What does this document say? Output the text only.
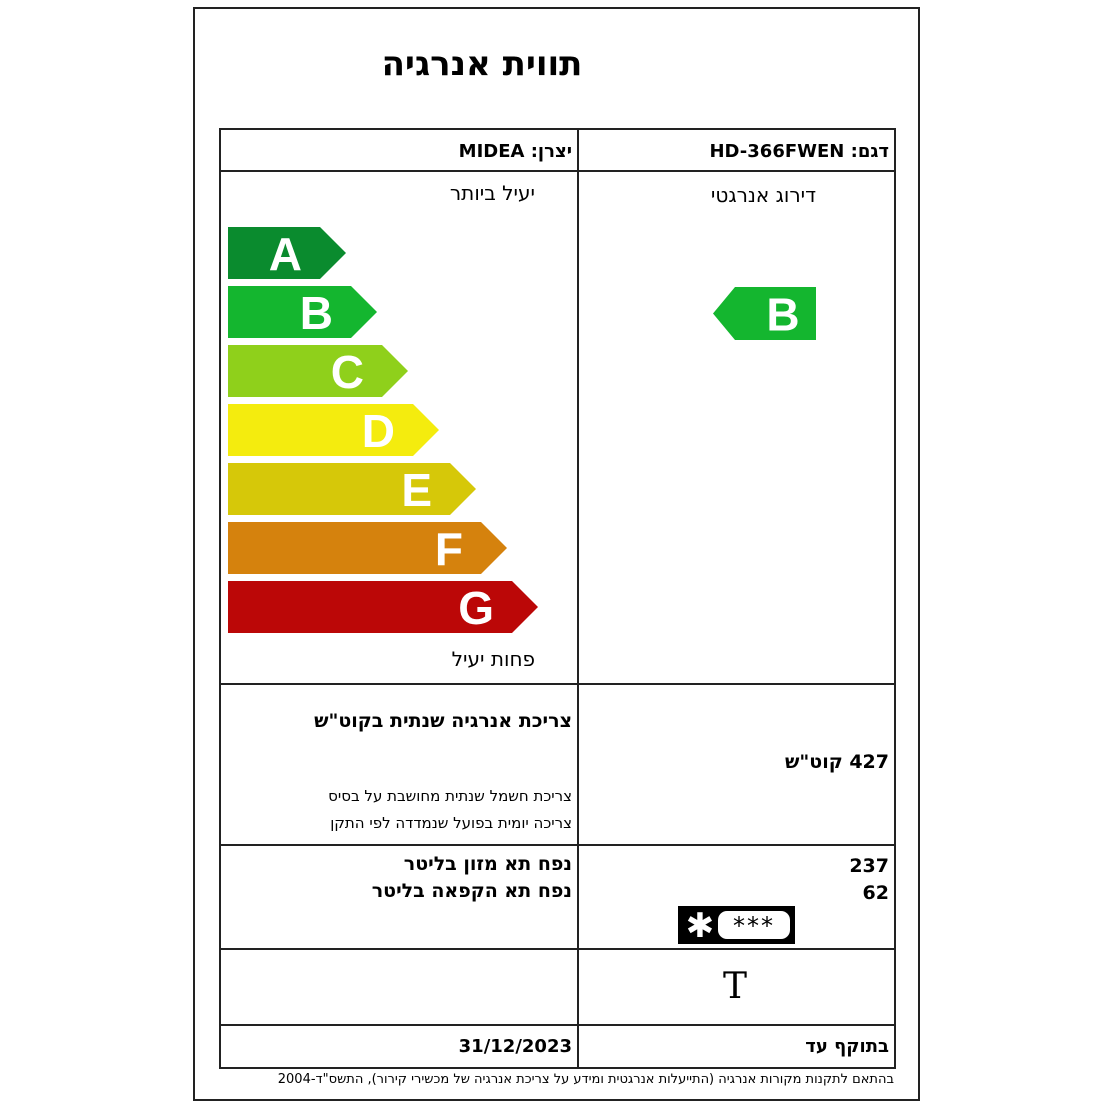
תווית אנרגיה
דגם: HD-366FWEN
יצרן: MIDEA
דירוג אנרגטי
יעיל ביותר
פחות יעיל
A
B
C
D
E
F
G
B
צריכת אנרגיה שנתית בקוט"ש
צריכת חשמל שנתית מחושבת על בסיס
צריכה יומית בפועל שנמדדה לפי התקן
427 קוט"ש
נפח תא מזון בליטר
נפח תא הקפאה בליטר
237
62
✱ ***
T
בתוקף עד
31/12/2023
בהתאם לתקנות מקורות אנרגיה (התייעלות אנרגטית ומידע על צריכת אנרגיה של מכשירי קירור), התשס"ד-2004
